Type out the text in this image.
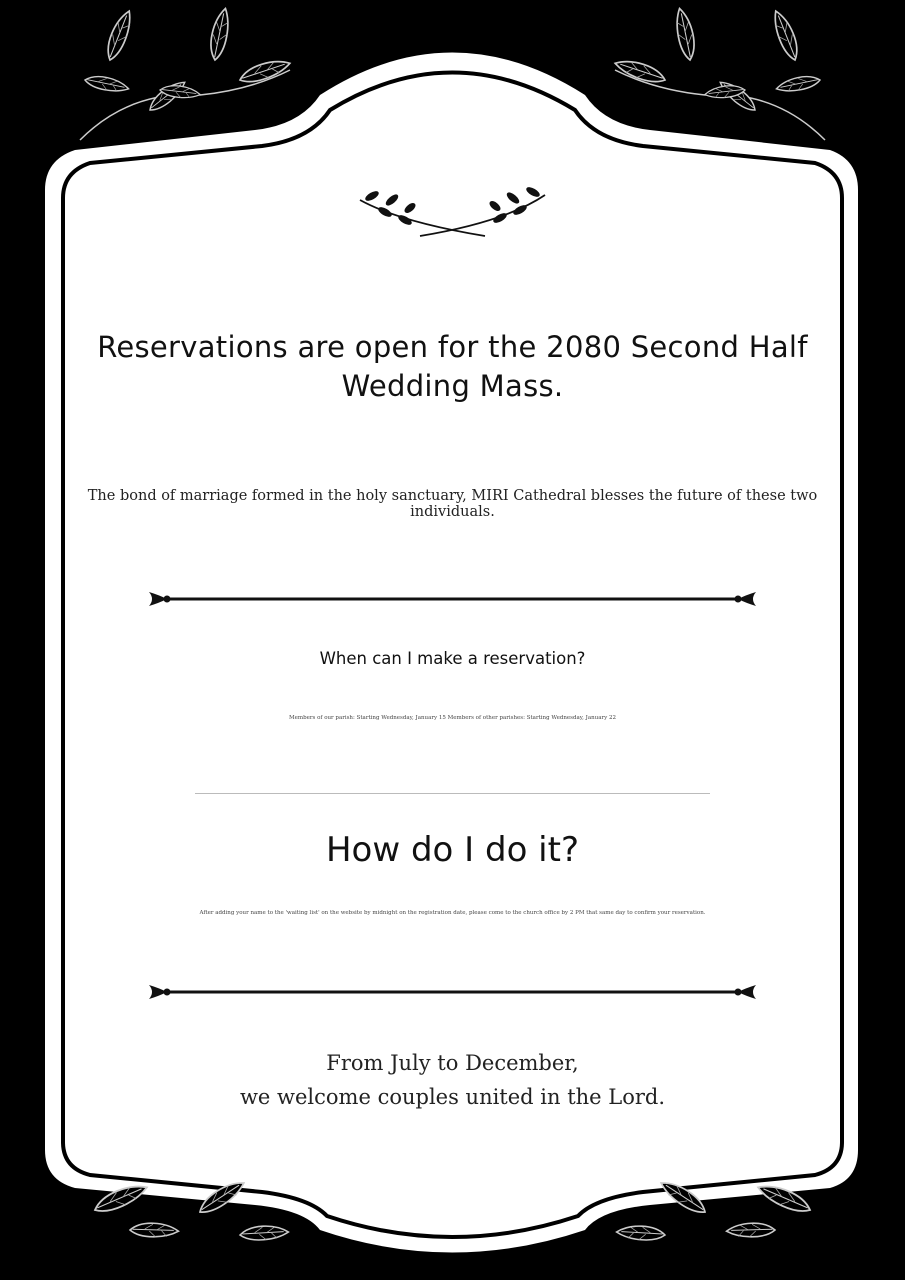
Reservations are open for the 2080 Second Half Wedding Mass.
The bond of marriage formed in the holy sanctuary, MIRI Cathedral blesses the future of these two individuals.
When can I make a reservation?
Members of our parish: Starting Wednesday, January 15 Members of other parishes: Starting Wednesday, January 22
How do I do it?
After adding your name to the 'waiting list' on the website by midnight on the registration date, please come to the church office by 2 PM that same day to confirm your reservation.
From July to December,
we welcome couples united in the Lord.
